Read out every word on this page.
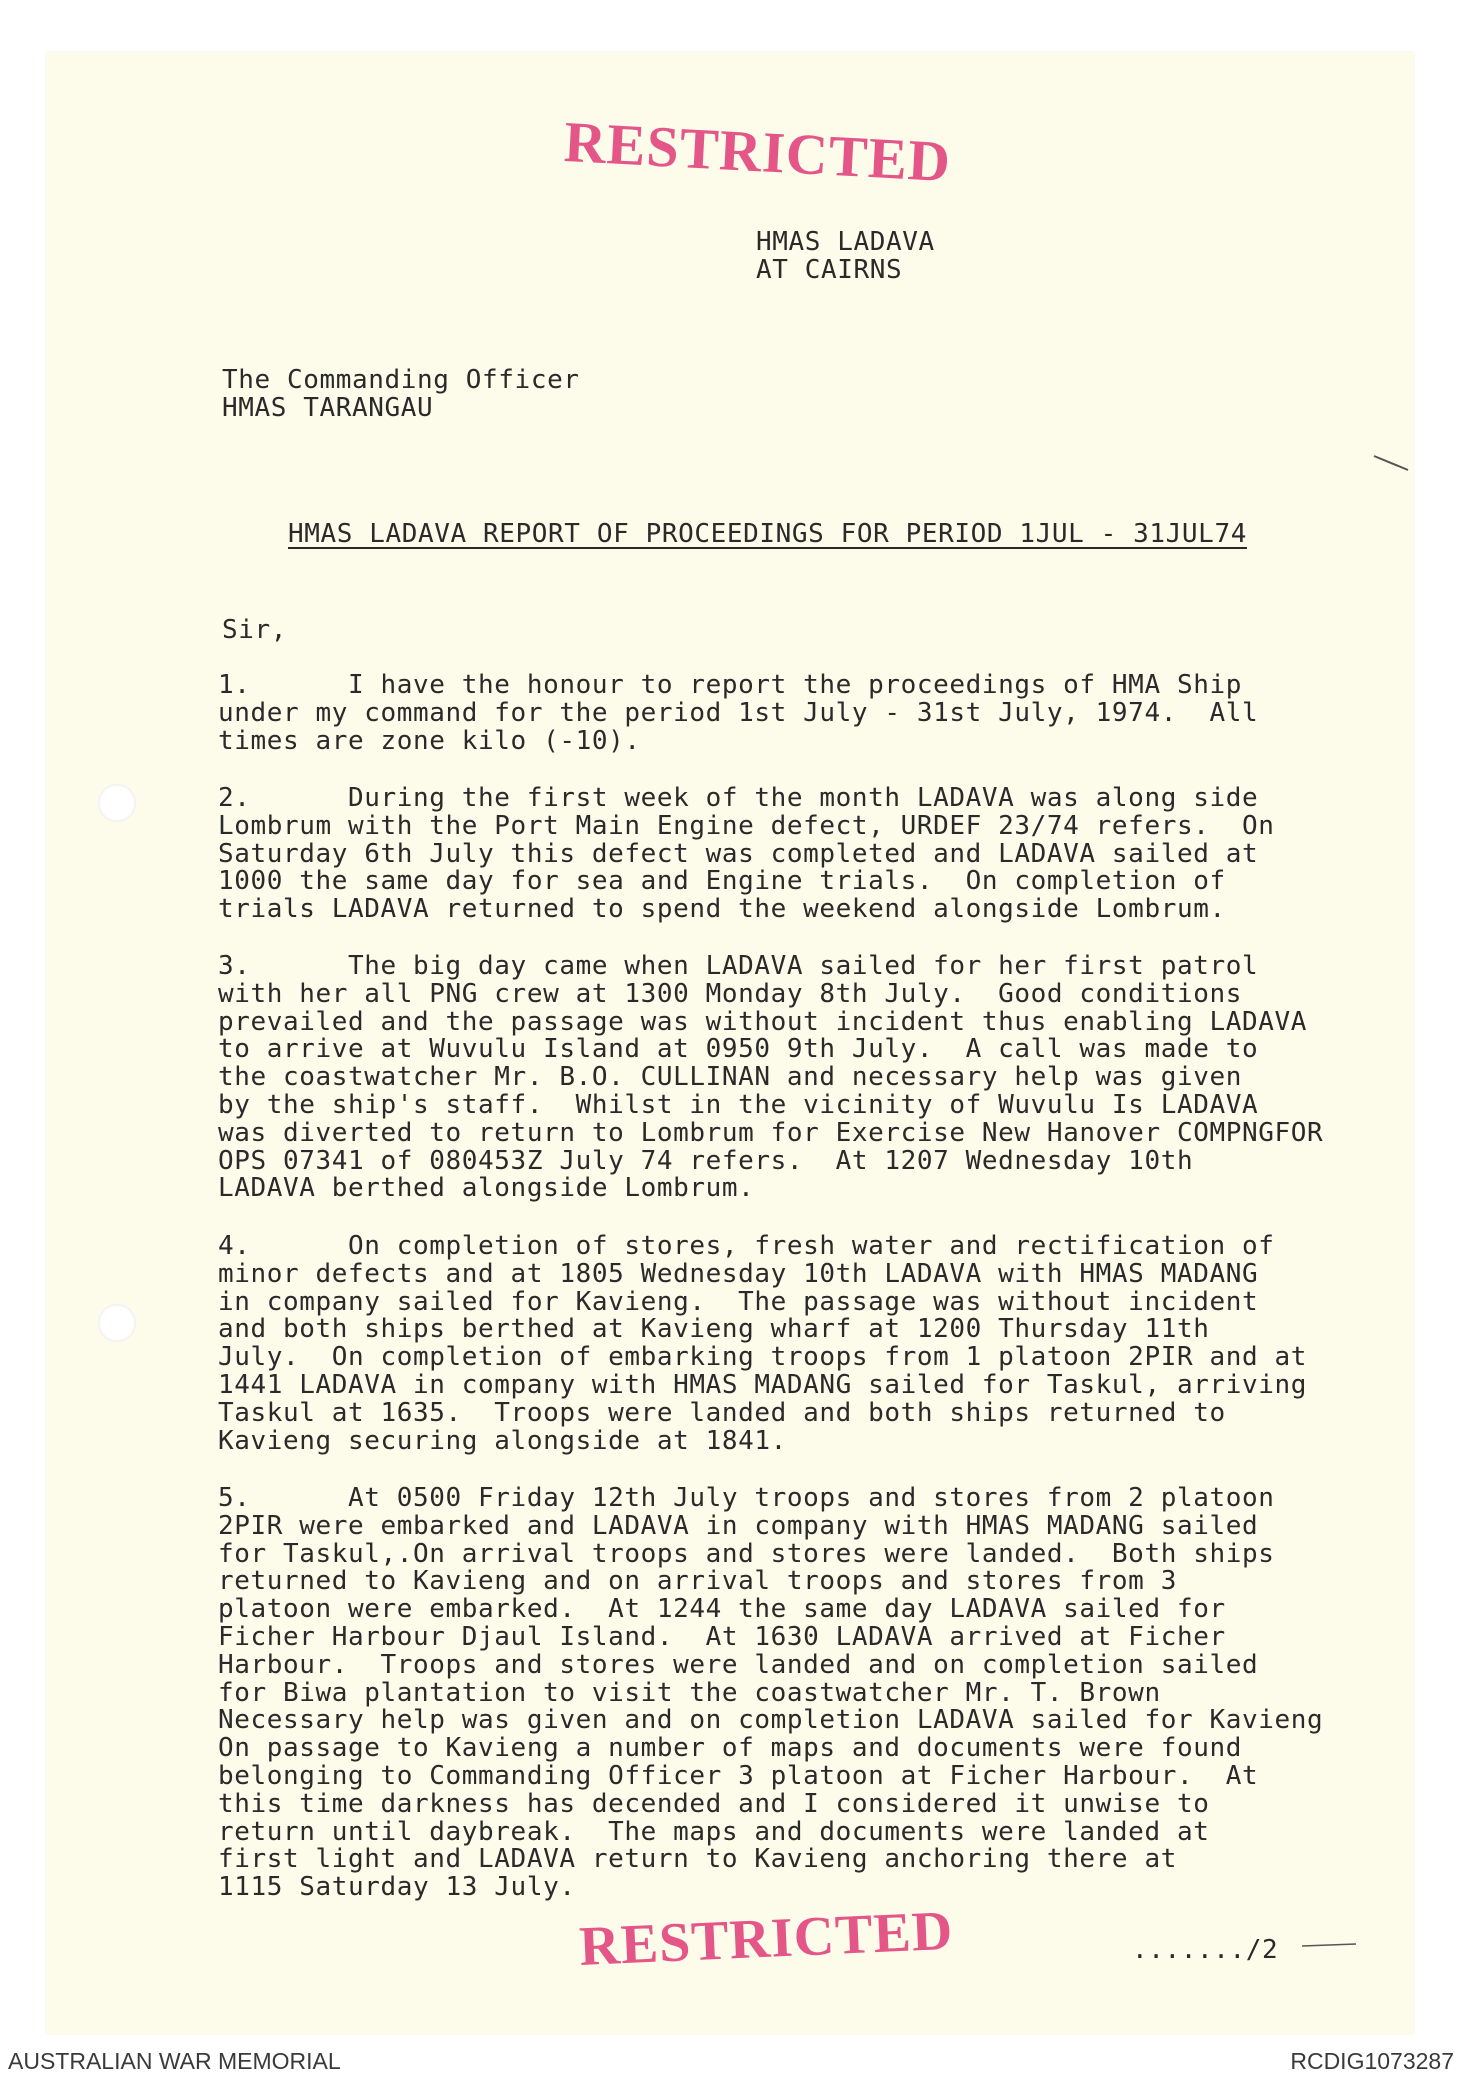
RESTRICTED
RESTRICTED
HMAS LADAVA
AT CAIRNS
The Commanding Officer
HMAS TARANGAU
HMAS LADAVA REPORT OF PROCEEDINGS FOR PERIOD 1JUL - 31JUL74
Sir,
1.      I have the honour to report the proceedings of HMA Ship
under my command for the period 1st July - 31st July, 1974.  All
times are zone kilo (-10).
2.      During the first week of the month LADAVA was along side
Lombrum with the Port Main Engine defect, URDEF 23/74 refers.  On
Saturday 6th July this defect was completed and LADAVA sailed at
1000 the same day for sea and Engine trials.  On completion of
trials LADAVA returned to spend the weekend alongside Lombrum.
3.      The big day came when LADAVA sailed for her first patrol
with her all PNG crew at 1300 Monday 8th July.  Good conditions
prevailed and the passage was without incident thus enabling LADAVA
to arrive at Wuvulu Island at 0950 9th July.  A call was made to
the coastwatcher Mr. B.O. CULLINAN and necessary help was given
by the ship's staff.  Whilst in the vicinity of Wuvulu Is LADAVA
was diverted to return to Lombrum for Exercise New Hanover COMPNGFOR
OPS 07341 of 080453Z July 74 refers.  At 1207 Wednesday 10th
LADAVA berthed alongside Lombrum.
4.      On completion of stores, fresh water and rectification of
minor defects and at 1805 Wednesday 10th LADAVA with HMAS MADANG
in company sailed for Kavieng.  The passage was without incident
and both ships berthed at Kavieng wharf at 1200 Thursday 11th
July.  On completion of embarking troops from 1 platoon 2PIR and at
1441 LADAVA in company with HMAS MADANG sailed for Taskul, arriving
Taskul at 1635.  Troops were landed and both ships returned to
Kavieng securing alongside at 1841.
5.      At 0500 Friday 12th July troops and stores from 2 platoon
2PIR were embarked and LADAVA in company with HMAS MADANG sailed
for Taskul,.On arrival troops and stores were landed.  Both ships
returned to Kavieng and on arrival troops and stores from 3
platoon were embarked.  At 1244 the same day LADAVA sailed for
Ficher Harbour Djaul Island.  At 1630 LADAVA arrived at Ficher
Harbour.  Troops and stores were landed and on completion sailed
for Biwa plantation to visit the coastwatcher Mr. T. Brown
Necessary help was given and on completion LADAVA sailed for Kavieng
On passage to Kavieng a number of maps and documents were found
belonging to Commanding Officer 3 platoon at Ficher Harbour.  At
this time darkness has decended and I considered it unwise to
return until daybreak.  The maps and documents were landed at
first light and LADAVA return to Kavieng anchoring there at
1115 Saturday 13 July.
......./2
AUSTRALIAN WAR MEMORIAL	RCDIG1073287
